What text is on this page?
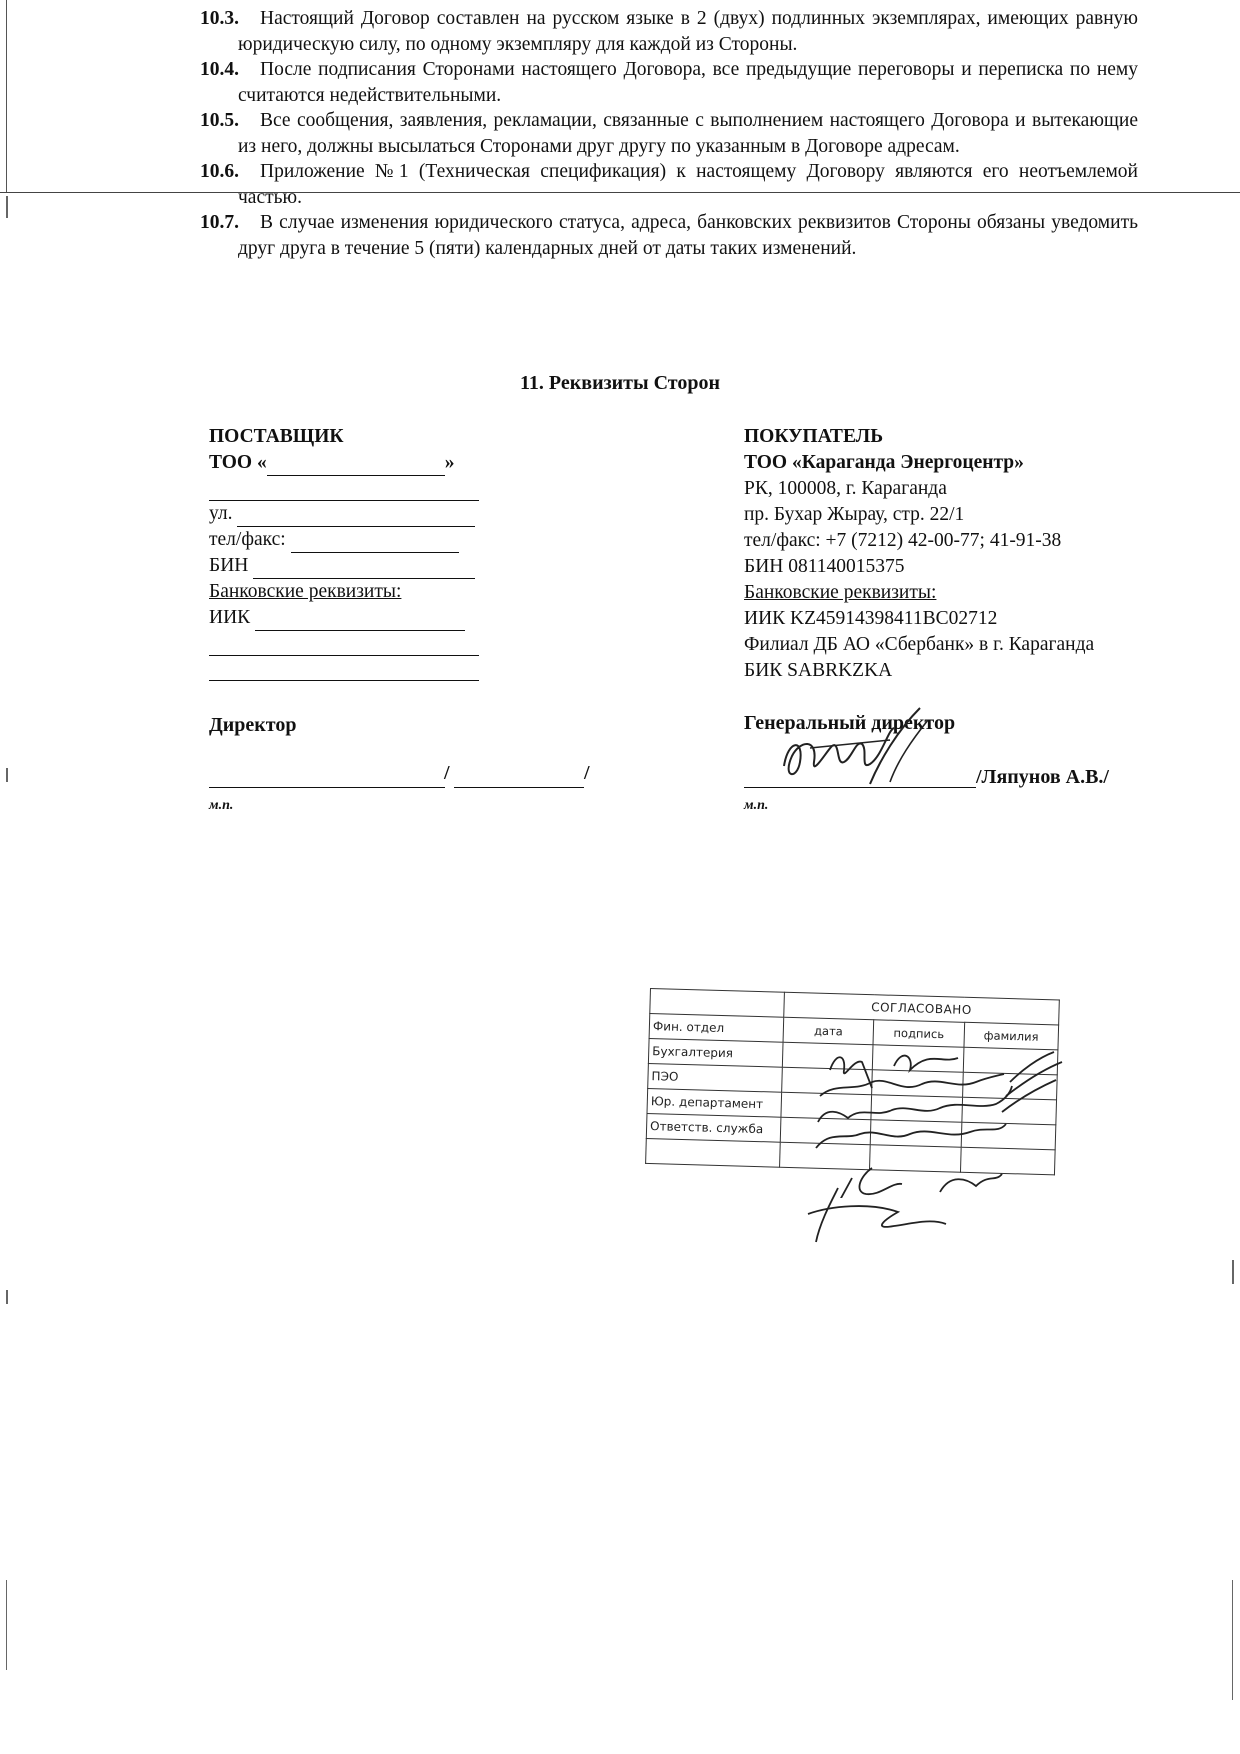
10.3. Настоящий Договор составлен на русском языке в 2 (двух) подлинных экземплярах, имеющих равную юридическую силу, по одному экземпляру для каждой из Стороны.
10.4. После подписания Сторонами настоящего Договора, все предыдущие переговоры и переписка по нему считаются недействительными.
10.5. Все сообщения, заявления, рекламации, связанные с выполнением настоящего Договора и вытекающие из него, должны высылаться Сторонами друг другу по указанным в Договоре адресам.
10.6. Приложение №1 (Техническая спецификация) к настоящему Договору являются его неотъемлемой частью.
10.7. В случае изменения юридического статуса, адреса, банковских реквизитов Стороны обязаны уведомить друг друга в течение 5 (пяти) календарных дней от даты таких изменений.
11. Реквизиты Сторон
ПОСТАВЩИК
ТОО «	»
ул.
тел/факс:
БИН
Банковские реквизиты:
ИИК
ПОКУПАТЕЛЬ
ТОО «Караганда Энергоцентр»
РК, 100008, г. Караганда
пр. Бухар Жырау, стр. 22/1
тел/факс: +7 (7212) 42-00-77; 41-91-38
БИН 081140015375
Банковские реквизиты:
ИИК KZ45914398411BC02712
Филиал ДБ АО «Сбербанк» в г. Караганда
БИК SABRKZKA
Директор
/	/
м.п.
Генеральный директор
/Ляпунов А.В./
м.п.
	СОГЛАСОВАНО		
Фин. отдел	дата	подпись	фамилия
Бухгалтерия			
ПЭО			
Юр. департамент			
Ответств. служба			
